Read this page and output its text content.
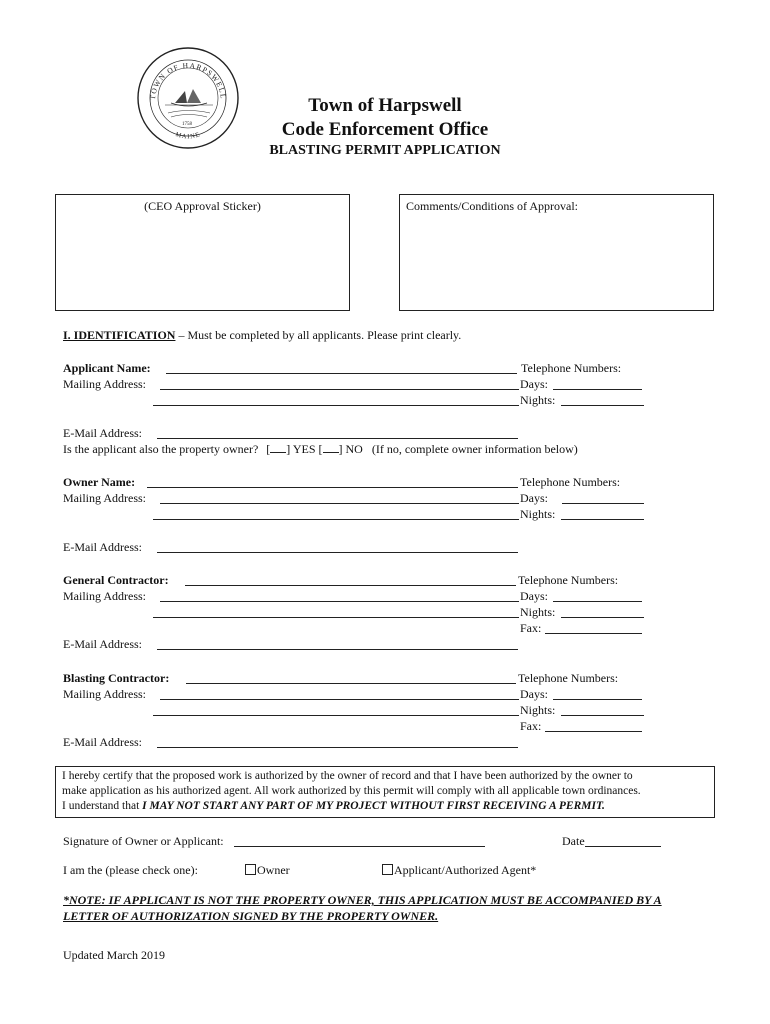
TOWN OF HARPSWELL
MAINE
1758
Town of Harpswell
Code Enforcement Office
BLASTING PERMIT APPLICATION
(CEO Approval Sticker)	Comments/Conditions of Approval:
I. IDENTIFICATION – Must be completed by all applicants. Please print clearly.
Applicant Name:	Telephone Numbers:
Mailing Address:	Days:
Nights:
E-Mail Address:
Is the applicant also the property owner? [ ] YES [ ] NO (If no, complete owner information below)
Owner Name:	Telephone Numbers:
Mailing Address:	Days:
Nights:
E-Mail Address:
General Contractor:	Telephone Numbers:
Mailing Address:	Days:
Nights:
Fax:
E-Mail Address:
Blasting Contractor:	Telephone Numbers:
Mailing Address:	Days:
Nights:
Fax:
E-Mail Address:

I hereby certify that the proposed work is authorized by the owner of record and that I have been authorized by the owner to

make application as his authorized agent. All work authorized by this permit will comply with all applicable town ordinances.

I understand that I MAY NOT START ANY PART OF MY PROJECT WITHOUT FIRST RECEIVING A PERMIT.

Signature of Owner or Applicant:	Date
I am the (please check one):	Owner	Applicant/Authorized Agent*
*NOTE: IF APPLICANT IS NOT THE PROPERTY OWNER, THIS APPLICATION MUST BE ACCOMPANIED BY A
LETTER OF AUTHORIZATION SIGNED BY THE PROPERTY OWNER.
Updated March 2019
